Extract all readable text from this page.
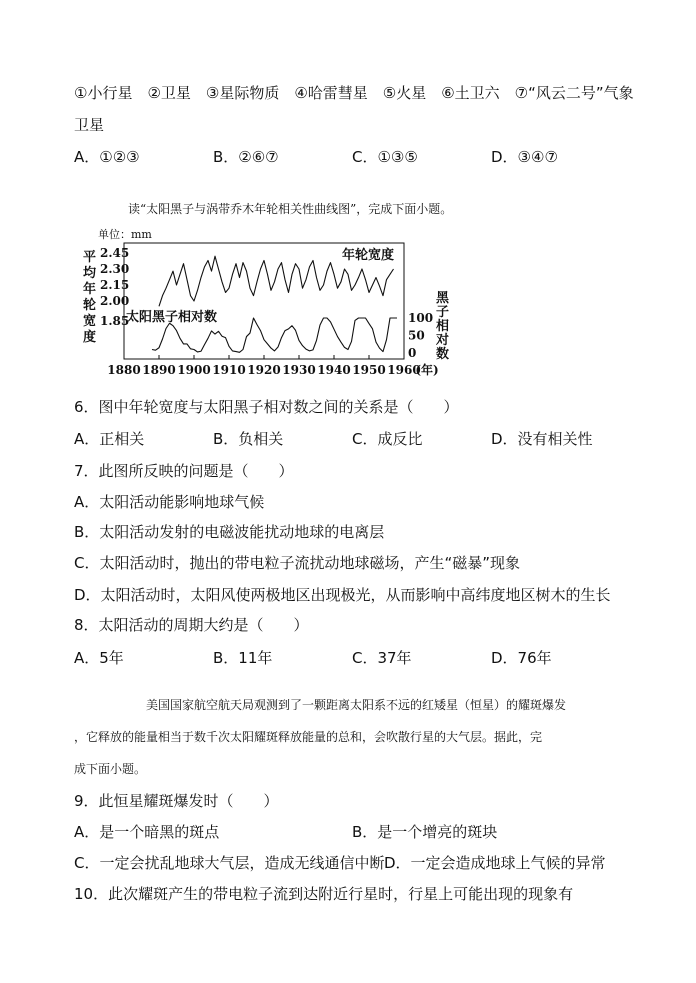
①小行星　②卫星　③星际物质　④哈雷彗星　⑤火星　⑥土卫六　⑦“风云二号”气象
卫星
A．①②③	B．②⑥⑦	C．①③⑤	D．③④⑦
读“太阳黑子与涡带乔木年轮相关性曲线图”，完成下面小题。
单位：mm
平
均
年
轮
宽
度
2.45
2.30
2.15
2.00
1.85	100
50
0
黑
子
相
对
数
1880 1890 1900 1910 1920 1930 1940 1950 1960
(年)
年轮宽度
太阳黑子相对数
6．图中年轮宽度与太阳黑子相对数之间的关系是（　　）
A．正相关	B．负相关	C．成反比	D．没有相关性
7．此图所反映的问题是（　　）
A．太阳活动能影响地球气候
B．太阳活动发射的电磁波能扰动地球的电离层
C．太阳活动时，抛出的带电粒子流扰动地球磁场，产生“磁暴”现象
D．太阳活动时，太阳风使两极地区出现极光，从而影响中高纬度地区树木的生长
8．太阳活动的周期大约是（　　）
A．5年	B．11年	C．37年	D．76年
美国国家航空航天局观测到了一颗距离太阳系不远的红矮星（恒星）的耀斑爆发
，它释放的能量相当于数千次太阳耀斑释放能量的总和，会吹散行星的大气层。据此，完
成下面小题。
9．此恒星耀斑爆发时（　　）
A．是一个暗黑的斑点	B．是一个增亮的斑块
C．一定会扰乱地球大气层，造成无线通信中断 D．一定会造成地球上气候的异常
10．此次耀斑产生的带电粒子流到达附近行星时，行星上可能出现的现象有
